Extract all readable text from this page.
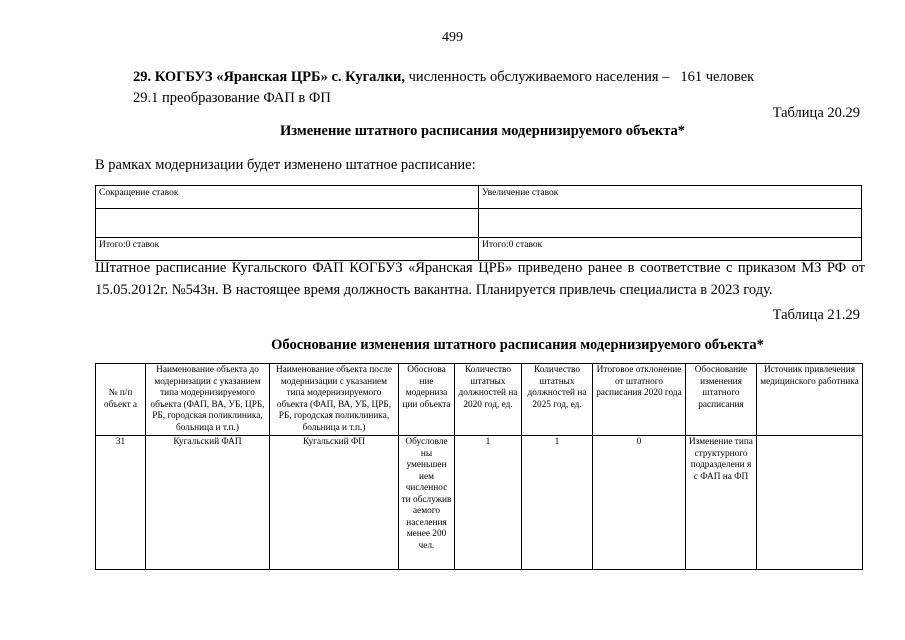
499
29. КОГБУЗ «Яранская ЦРБ» с. Кугалки, численность обслуживаемого населения – 161 человек
29.1 преобразование ФАП в ФП
Таблица 20.29
Изменение штатного расписания модернизируемого объекта*
В рамках модернизации будет изменено штатное расписание:
Сокращение ставок	Увеличение ставок

Итого:0 ставок	Итого:0 ставок
Штатное расписание Кугальского ФАП КОГБУЗ «Яранская ЦРБ» приведено ранее в соответствие с приказом МЗ РФ от 15.05.2012г. №543н. В настоящее время должность вакантна. Планируется привлечь специалиста в 2023 году.
Таблица 21.29
Обоснование изменения штатного расписания модернизируемого объекта*
№ п/п объект а	Наименование объекта до модернизации с указанием типа модернизируемого объекта (ФАП, ВА, УБ, ЦРБ, РБ, городская поликлиника, больница и т.п.)	Наименование объекта после модернизации с указанием типа модернизируемого объекта (ФАП, ВА, УБ, ЦРБ, РБ, городская поликлиника, больница и т.п.)	Обоснова ние модерниза ции объекта	Количество штатных должностей на 2020 год, ед.	Количество штатных должностей на 2025 год, ед.	Итоговое отклонение от штатного расписания 2020 года	Обоснование изменения штатного расписания	Источник привлечения медицинского работника
31	Кугальский ФАП	Кугальский ФП	Обусловле ны уменьшен ием численнос ти обслужив аемого населения менее 200 чел.	1	1	0	Изменение типа структурного подразделени я с ФАП на ФП	
